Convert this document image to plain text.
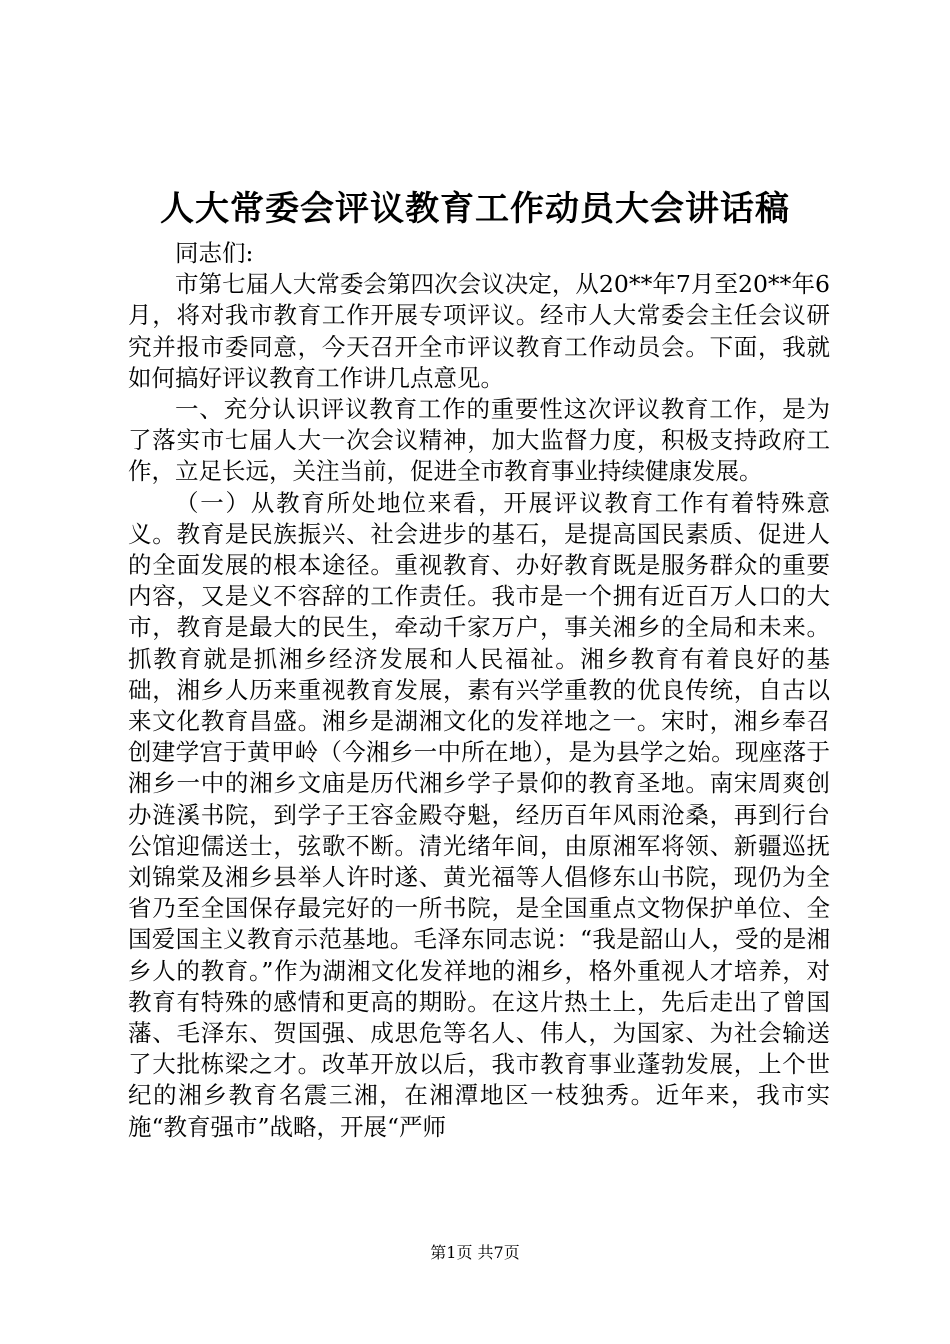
人大常委会评议教育工作动员大会讲话稿

同志们:

市第七届人大常委会第四次会议决定，从20**年7月至20**年6月，将对我市教育工作开展专项评议。经市人大常委会主任会议研究并报市委同意，今天召开全市评议教育工作动员会。下面，我就如何搞好评议教育工作讲几点意见。

一、充分认识评议教育工作的重要性这次评议教育工作，是为了落实市七届人大一次会议精神，加大监督力度，积极支持政府工作，立足长远，关注当前，促进全市教育事业持续健康发展。

（一）从教育所处地位来看，开展评议教育工作有着特殊意义。教育是民族振兴、社会进步的基石，是提高国民素质、促进人的全面发展的根本途径。重视教育、办好教育既是服务群众的重要内容，又是义不容辞的工作责任。我市是一个拥有近百万人口的大市，教育是最大的民生，牵动千家万户，事关湘乡的全局和未来。抓教育就是抓湘乡经济发展和人民福祉。湘乡教育有着良好的基础，湘乡人历来重视教育发展，素有兴学重教的优良传统，自古以来文化教育昌盛。湘乡是湖湘文化的发祥地之一。宋时，湘乡奉召创建学宫于黄甲岭（今湘乡一中所在地），是为县学之始。现座落于湘乡一中的湘乡文庙是历代湘乡学子景仰的教育圣地。南宋周爽创办涟溪书院，到学子王容金殿夺魁，经历百年风雨沧桑，再到行台公馆迎儒送士，弦歌不断。清光绪年间，由原湘军将领、新疆巡抚刘锦棠及湘乡县举人许时遂、黄光福等人倡修东山书院，现仍为全省乃至全国保存最完好的一所书院，是全国重点文物保护单位、全国爱国主义教育示范基地。毛泽东同志说：“我是韶山人，受的是湘乡人的教育。”作为湖湘文化发祥地的湘乡，格外重视人才培养，对教育有特殊的感情和更高的期盼。在这片热土上，先后走出了曾国藩、毛泽东、贺国强、成思危等名人、伟人，为国家、为社会输送了大批栋梁之才。改革开放以后，我市教育事业蓬勃发展，上个世纪的湘乡教育名震三湘，在湘潭地区一枝独秀。近年来，我市实施“教育强市”战略，开展“严师

第1页 共7页
